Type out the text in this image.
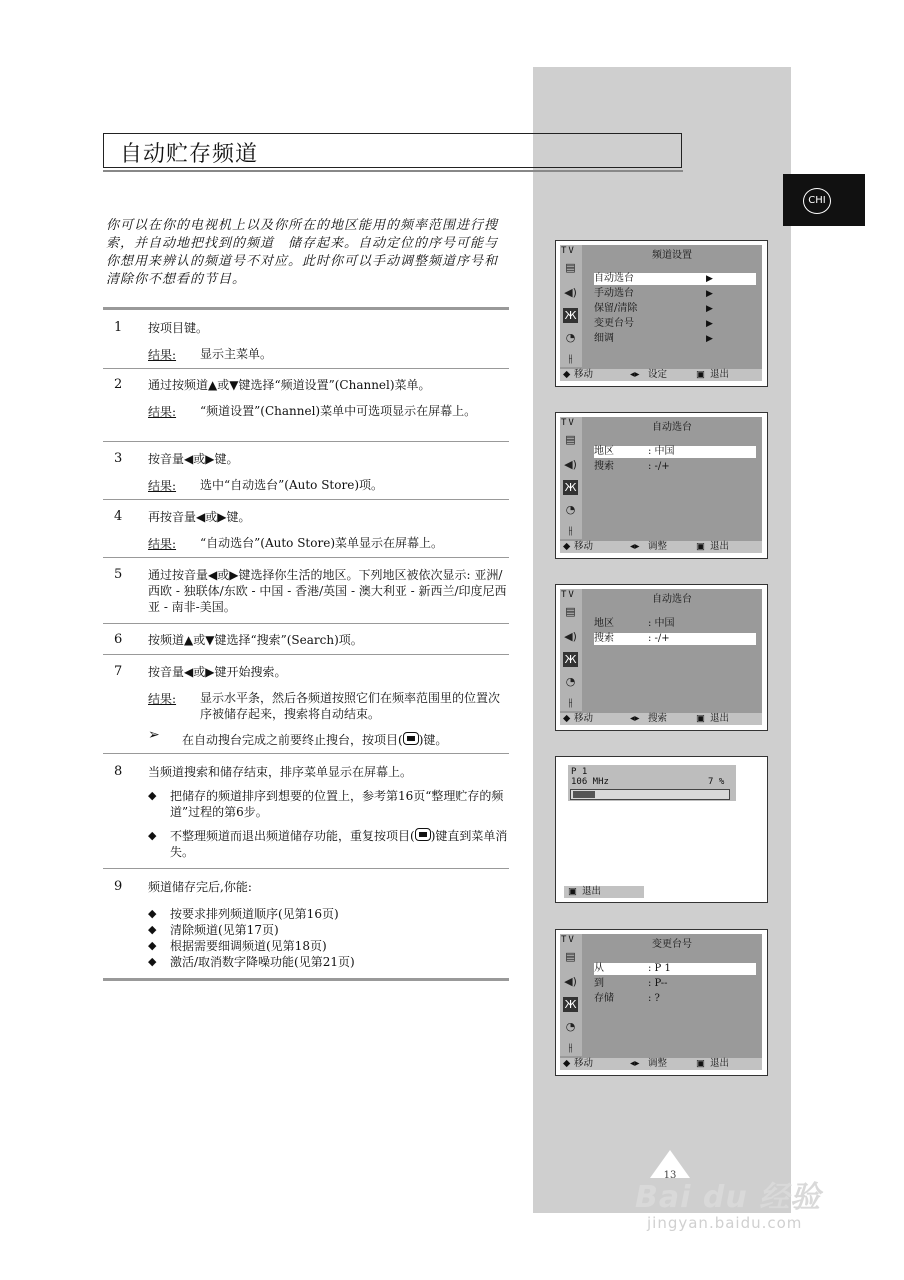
CHI
自动贮存频道
你可以在你的电视机上以及你所在的地区能用的频率范围进行搜索，并自动地把找到的频道　储存起来。自动定位的序号可能与你想用来辨认的频道号不对应。此时你可以手动调整频道序号和清除你不想看的节目。
1 按项目键。
结果: 显示主菜单。
2 通过按频道▲或▼键选择“频道设置”(Channel)菜单。
结果: “频道设置”(Channel)菜单中可选项显示在屏幕上。
3 按音量◀或▶键。
结果: 选中“自动选台”(Auto Store)项。
4 再按音量◀或▶键。
结果: “自动选台”(Auto Store)菜单显示在屏幕上。
5 通过按音量◀或▶键选择你生活的地区。下列地区被依次显示: 亚洲/西欧 - 独联体/东欧 - 中国 - 香港/英国 - 澳大利亚 - 新西兰/印度尼西亚 - 南非-美国。
6 按频道▲或▼键选择“搜索”(Search)项。
7 按音量◀或▶键开始搜索。
结果: 显示水平条，然后各频道按照它们在频率范围里的位置次序被储存起来，搜索将自动结束。
➢ 在自动搜台完成之前要终止搜台，按项目( )键。
8 当频道搜索和储存结束，排序菜单显示在屏幕上。
◆ 把储存的频道排序到想要的位置上，参考第16页“整理贮存的频道”过程的第6步。
◆ 不整理频道而退出频道储存功能，重复按项目( )键直到菜单消失。
9 频道储存完后,你能:
◆ 按要求排列频道顺序(见第16页)
◆ 清除频道(见第17页)
◆ 根据需要细调频道(见第18页)
◆ 激活/取消数字降噪功能(见第21页)
TV
▤
◀)
Ж
◔
⫲
频道设置
自动选台	▶
手动选台	▶
保留/清除	▶
变更台号	▶
细调	▶
◆ 移动	◂▸ 设定	▣ 退出
TV
▤
◀)
Ж
◔
⫲
自动选台
地区	: 中国
搜索	: -/+
◆ 移动	◂▸ 调整	▣ 退出
TV
▤
◀)
Ж
◔
⫲
自动选台
地区	: 中国
搜索	: -/+
◆ 移动	◂▸ 搜索	▣ 退出
P 1
106 MHz	7 %
▣ 退出
TV
▤
◀)
Ж
◔
⫲
变更台号
从	: P 1
到	: P--
存储	: ?
◆ 移动	◂▸ 调整	▣ 退出
13
Bai du 经验
jingyan.baidu.com
